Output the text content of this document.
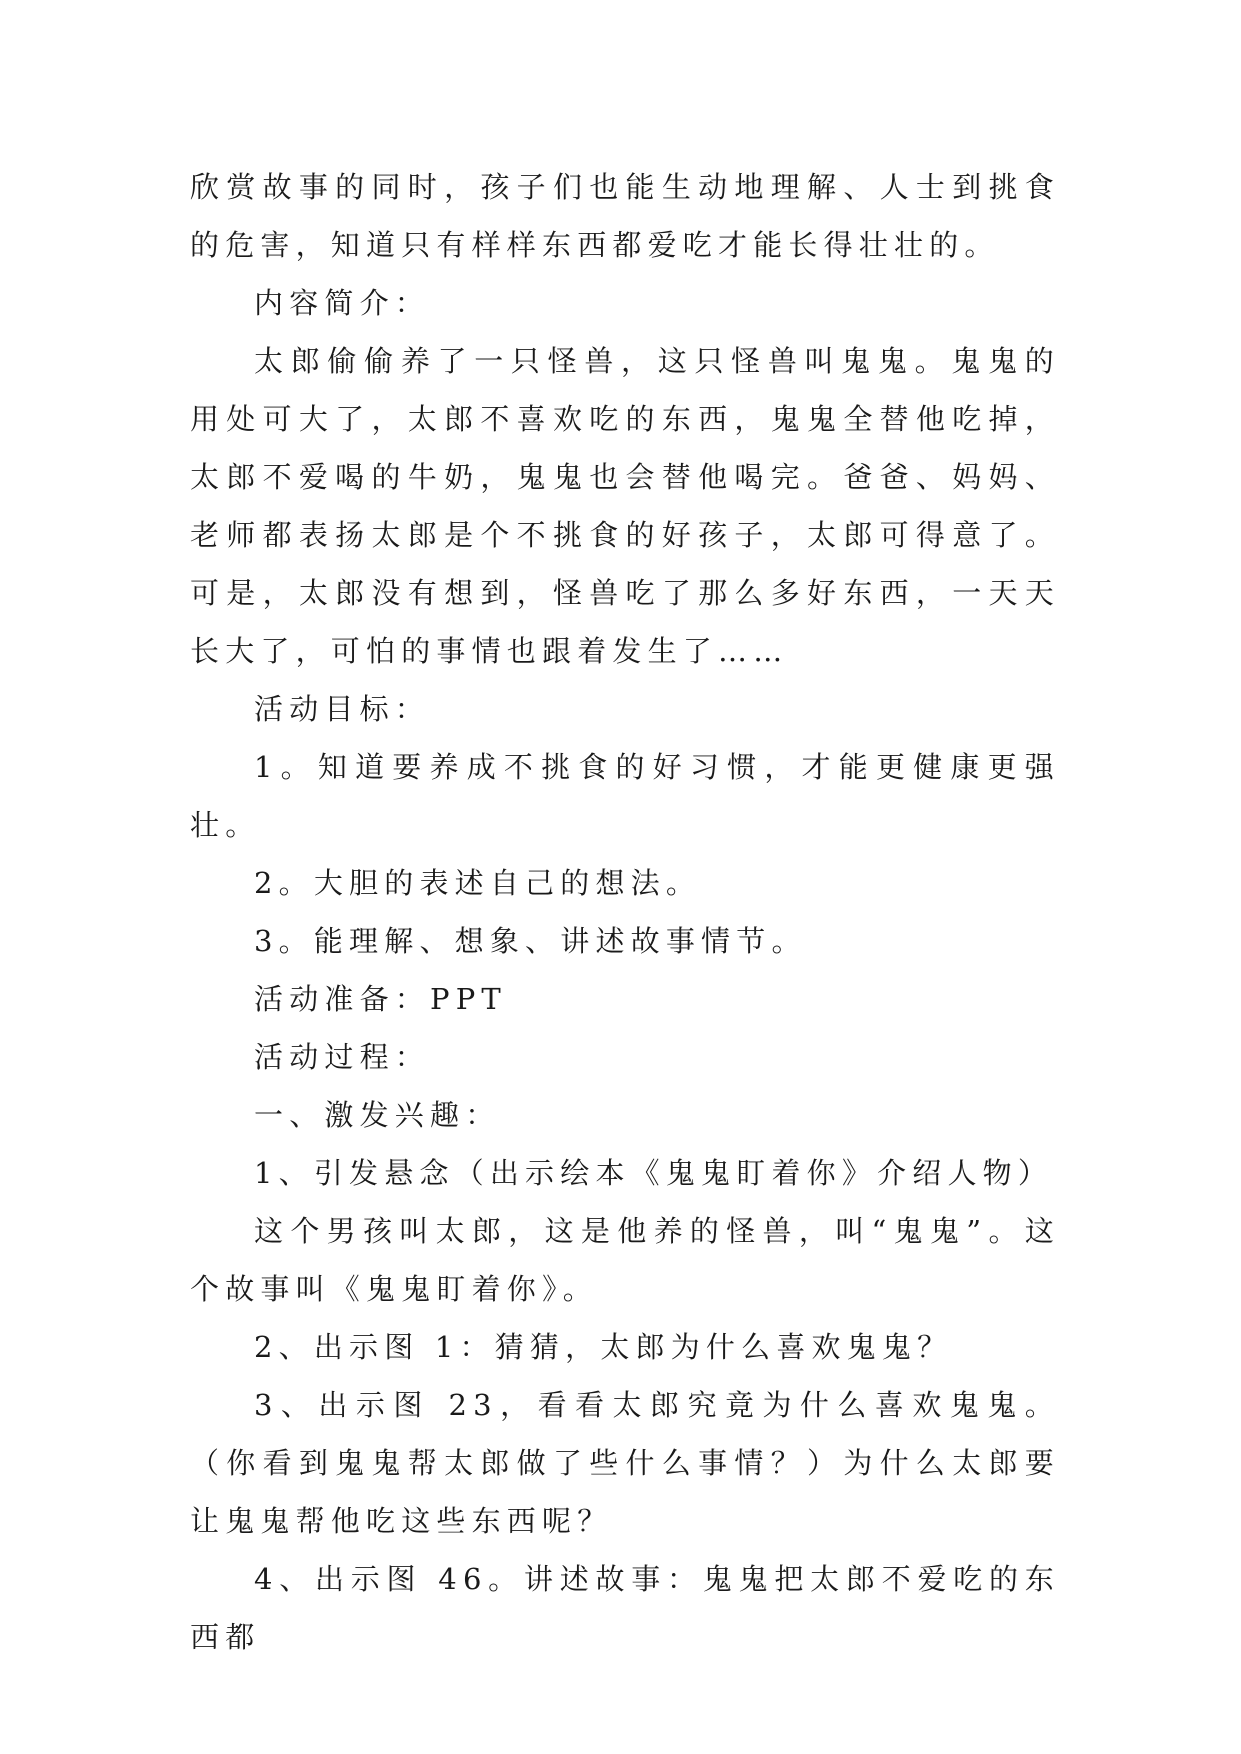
欣赏故事的同时，孩子们也能生动地理解、人士到挑食的危害，知道只有样样东西都爱吃才能长得壮壮的。

内容简介：

太郎偷偷养了一只怪兽，这只怪兽叫鬼鬼。鬼鬼的用处可大了，太郎不喜欢吃的东西，鬼鬼全替他吃掉，太郎不爱喝的牛奶，鬼鬼也会替他喝完。爸爸、妈妈、老师都表扬太郎是个不挑食的好孩子，太郎可得意了。可是，太郎没有想到，怪兽吃了那么多好东西，一天天长大了，可怕的事情也跟着发生了……

活动目标：

1。知道要养成不挑食的好习惯，才能更健康更强壮。

2。大胆的表述自己的想法。

3。能理解、想象、讲述故事情节。

活动准备：PPT

活动过程：

一、激发兴趣：

1、引发悬念（出示绘本《鬼鬼盯着你》介绍人物）

这个男孩叫太郎，这是他养的怪兽，叫“鬼鬼”。这个故事叫《鬼鬼盯着你》。

2、出示图 1：猜猜，太郎为什么喜欢鬼鬼？

3、出示图 23，看看太郎究竟为什么喜欢鬼鬼。（你看到鬼鬼帮太郎做了些什么事情？）为什么太郎要让鬼鬼帮他吃这些东西呢？

4、出示图 46。讲述故事：鬼鬼把太郎不爱吃的东西都
